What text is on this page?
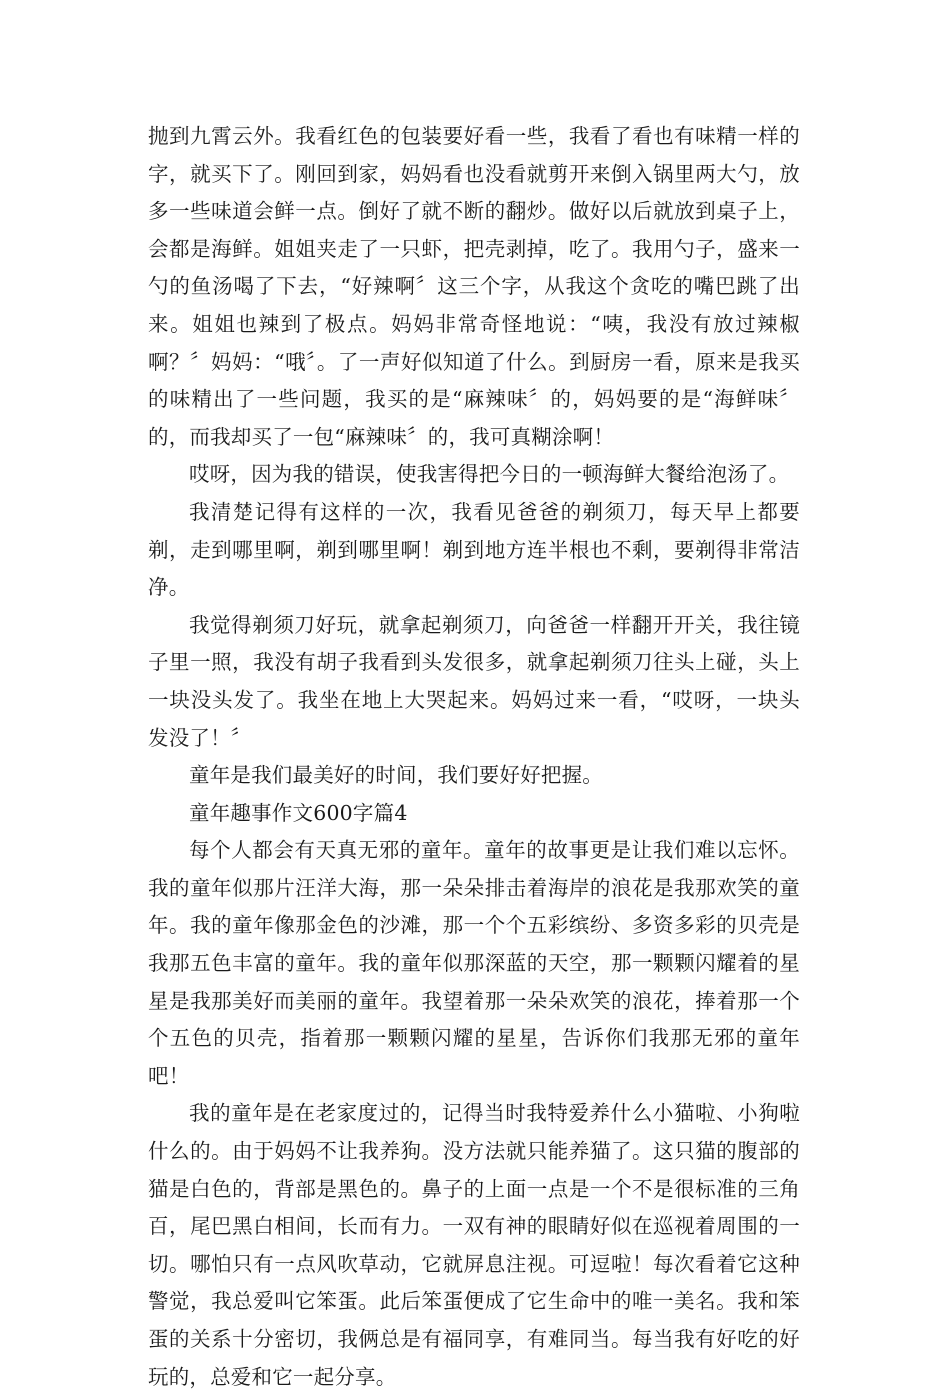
抛到九霄云外。我看红色的包装要好看一些，我看了看也有味精一样的字，就买下了。刚回到家，妈妈看也没看就剪开来倒入锅里两大勺，放多一些味道会鲜一点。倒好了就不断的翻炒。做好以后就放到桌子上，会都是海鲜。姐姐夹走了一只虾，把壳剥掉，吃了。我用勺子，盛来一勺的鱼汤喝了下去，“好辣啊〞这三个字，从我这个贪吃的嘴巴跳了出来。姐姐也辣到了极点。妈妈非常奇怪地说：“咦，我没有放过辣椒啊？〞妈妈：“哦〞。了一声好似知道了什么。到厨房一看，原来是我买的味精出了一些问题，我买的是“麻辣味〞的，妈妈要的是“海鲜味〞的，而我却买了一包“麻辣味〞的，我可真糊涂啊！

哎呀，因为我的错误，使我害得把今日的一顿海鲜大餐给泡汤了。

我清楚记得有这样的一次，我看见爸爸的剃须刀，每天早上都要剃，走到哪里啊，剃到哪里啊！剃到地方连半根也不剩，要剃得非常洁净。

我觉得剃须刀好玩，就拿起剃须刀，向爸爸一样翻开开关，我往镜子里一照，我没有胡子我看到头发很多，就拿起剃须刀往头上碰，头上一块没头发了。我坐在地上大哭起来。妈妈过来一看，“哎呀，一块头发没了！〞

童年是我们最美好的时间，我们要好好把握。

童年趣事作文600字篇4

每个人都会有天真无邪的童年。童年的故事更是让我们难以忘怀。我的童年似那片汪洋大海，那一朵朵排击着海岸的浪花是我那欢笑的童年。我的童年像那金色的沙滩，那一个个五彩缤纷、多资多彩的贝壳是我那五色丰富的童年。我的童年似那深蓝的天空，那一颗颗闪耀着的星星是我那美好而美丽的童年。我望着那一朵朵欢笑的浪花，捧着那一个个五色的贝壳，指着那一颗颗闪耀的星星，告诉你们我那无邪的童年吧！

我的童年是在老家度过的，记得当时我特爱养什么小猫啦、小狗啦什么的。由于妈妈不让我养狗。没方法就只能养猫了。这只猫的腹部的猫是白色的，背部是黑色的。鼻子的上面一点是一个不是很标准的三角百，尾巴黑白相间，长而有力。一双有神的眼睛好似在巡视着周围的一切。哪怕只有一点风吹草动，它就屏息注视。可逗啦！每次看着它这种警觉，我总爱叫它笨蛋。此后笨蛋便成了它生命中的唯一美名。我和笨蛋的关系十分密切，我俩总是有福同享，有难同当。每当我有好吃的好玩的，总爱和它一起分享。
